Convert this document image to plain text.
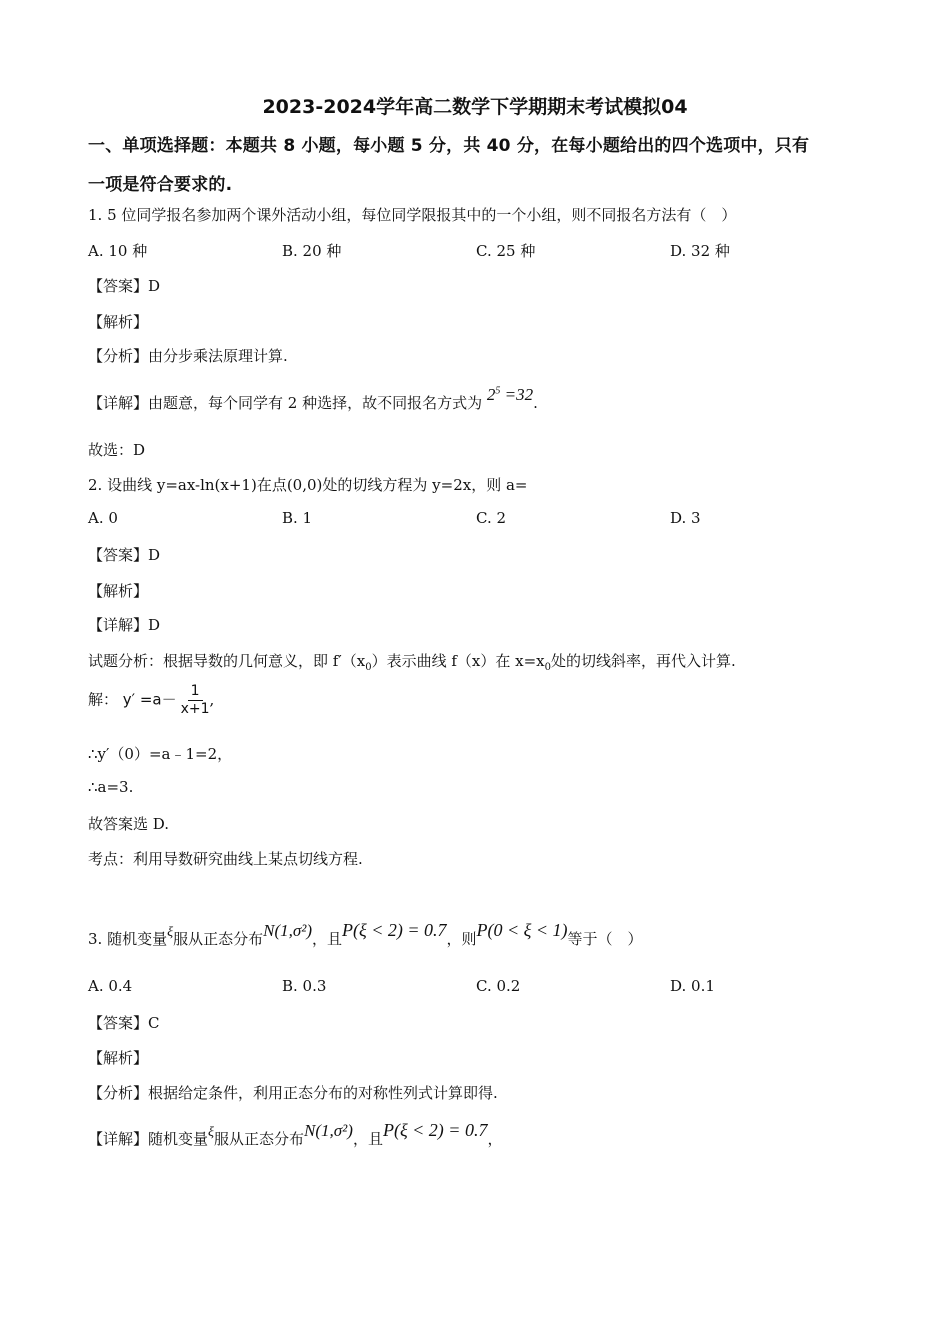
2023-2024学年高二数学下学期期末考试模拟04
一、单项选择题：本题共 8 小题，每小题 5 分，共 40 分，在每小题给出的四个选项中，只有
一项是符合要求的.
1. 5 位同学报名参加两个课外活动小组，每位同学限报其中的一个小组，则不同报名方法有（　）
A. 10 种	B. 20 种	C. 25 种	D. 32 种
【答案】D
【解析】
【分析】由分步乘法原理计算.
【详解】由题意，每个同学有 2 种选择，故不同报名方式为 $2^5 =32$.
故选：D
2. 设曲线 y=ax-ln(x+1)在点(0,0)处的切线方程为 y=2x，则 a=
A. 0	B. 1	C. 2	D. 3
【答案】D
【解析】
【详解】D
试题分析：根据导数的几何意义，即 $f'(x_0)$表示曲线 f（x）在 $x=x_0$处的切线斜率，再代入计算.
解： $y' =a- \frac{1}{x+1}$ ,
∴y′（0）=a﹣1=2，
∴a=3.
故答案选 D.
考点：利用导数研究曲线上某点切线方程.
3. 随机变量ξ服从正态分布N(1,σ²)，且P(ξ < 2) = 0.7，则P(0 < ξ < 1)等于（　）
A. 0.4	B. 0.3	C. 0.2	D. 0.1
【答案】C
【解析】
【分析】根据给定条件，利用正态分布的对称性列式计算即得.
【详解】随机变量ξ服从正态分布N(1,σ²)，且P(ξ < 2) = 0.7，
